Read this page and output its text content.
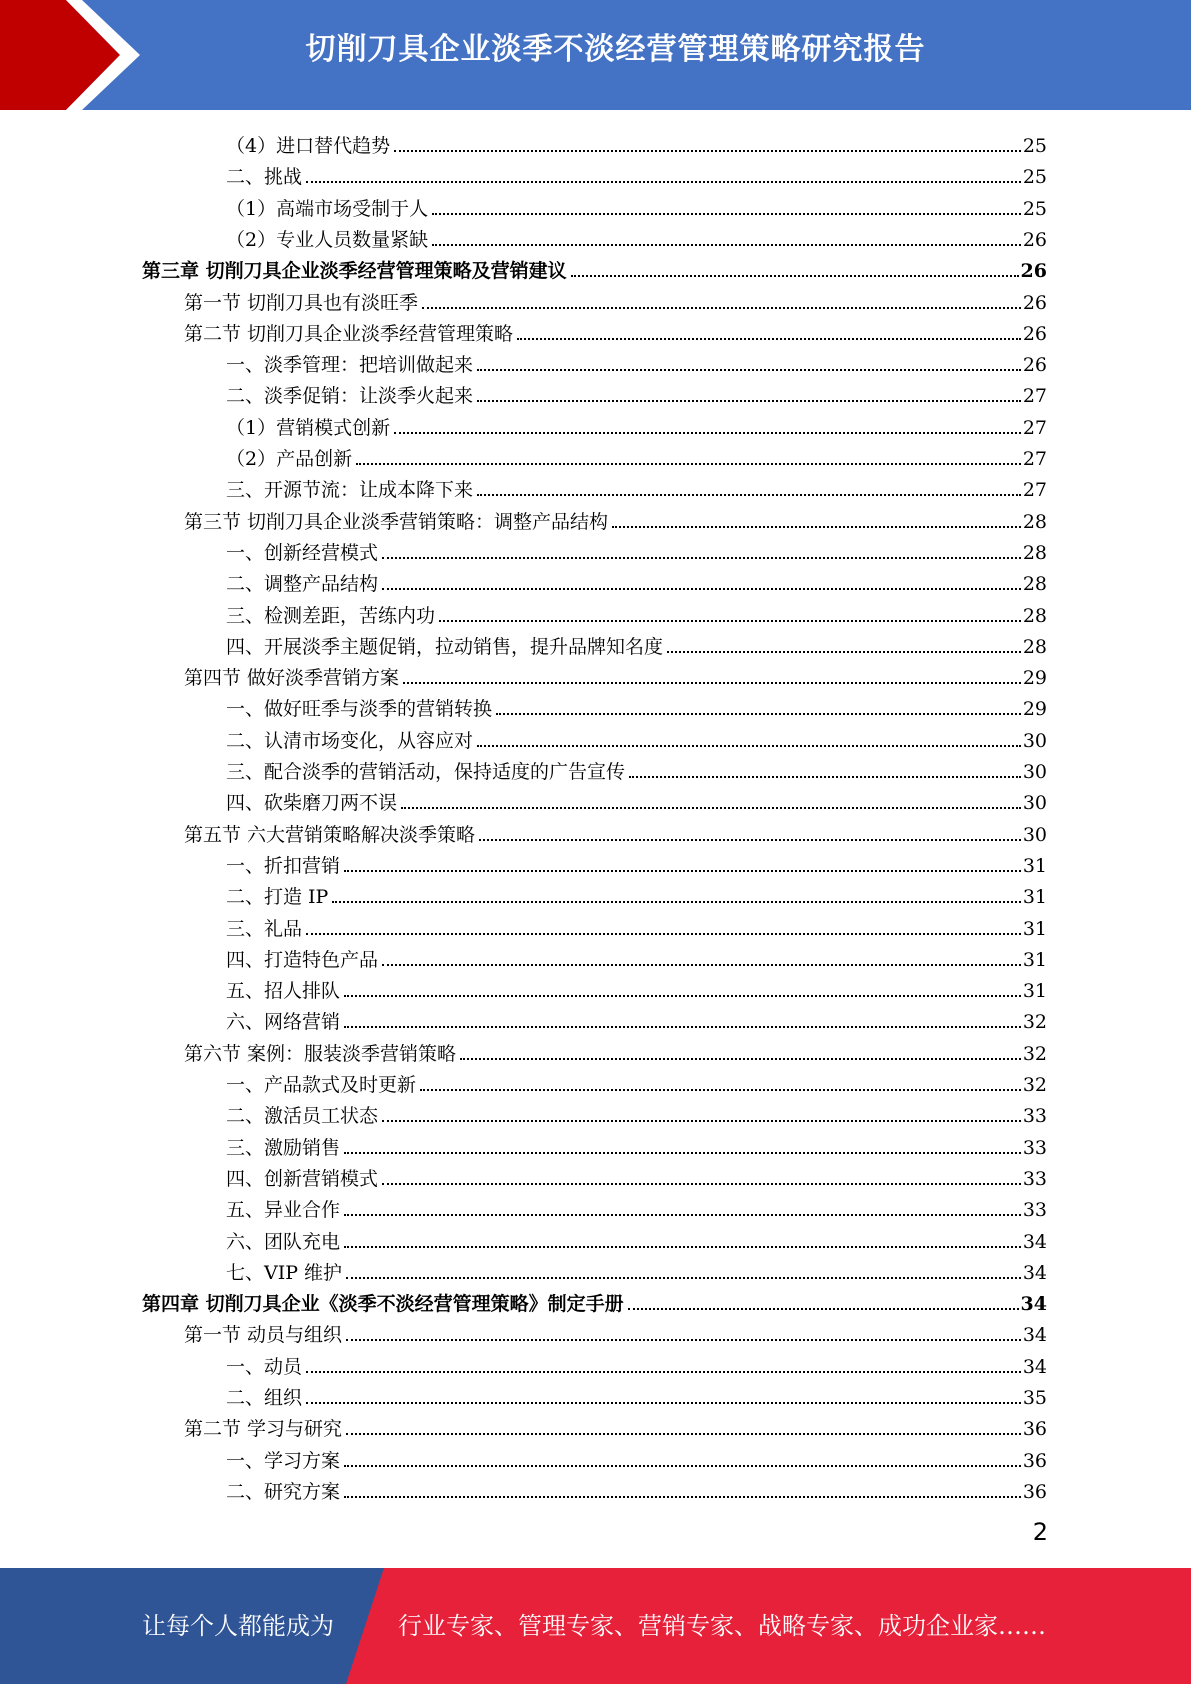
切削刀具企业淡季不淡经营管理策略研究报告
（4）进口替代趋势	25
二、挑战	25
（1）高端市场受制于人	25
（2）专业人员数量紧缺	26
第三章 切削刀具企业淡季经营管理策略及营销建议	26
第一节 切削刀具也有淡旺季	26
第二节 切削刀具企业淡季经营管理策略	26
一、淡季管理：把培训做起来	26
二、淡季促销：让淡季火起来	27
（1）营销模式创新	27
（2）产品创新	27
三、开源节流：让成本降下来	27
第三节 切削刀具企业淡季营销策略：调整产品结构	28
一、创新经营模式	28
二、调整产品结构	28
三、检测差距，苦练内功	28
四、开展淡季主题促销，拉动销售，提升品牌知名度	28
第四节 做好淡季营销方案	29
一、做好旺季与淡季的营销转换	29
二、认清市场变化，从容应对	30
三、配合淡季的营销活动，保持适度的广告宣传	30
四、砍柴磨刀两不误	30
第五节 六大营销策略解决淡季策略	30
一、折扣营销	31
二、打造 IP	31
三、礼品	31
四、打造特色产品	31
五、招人排队	31
六、网络营销	32
第六节 案例：服装淡季营销策略	32
一、产品款式及时更新	32
二、激活员工状态	33
三、激励销售	33
四、创新营销模式	33
五、异业合作	33
六、团队充电	34
七、VIP 维护	34
第四章 切削刀具企业《淡季不淡经营管理策略》制定手册	34
第一节 动员与组织	34
一、动员	34
二、组织	35
第二节 学习与研究	36
一、学习方案	36
二、研究方案	36
2
让每个人都能成为	行业专家、管理专家、营销专家、战略专家、成功企业家……
